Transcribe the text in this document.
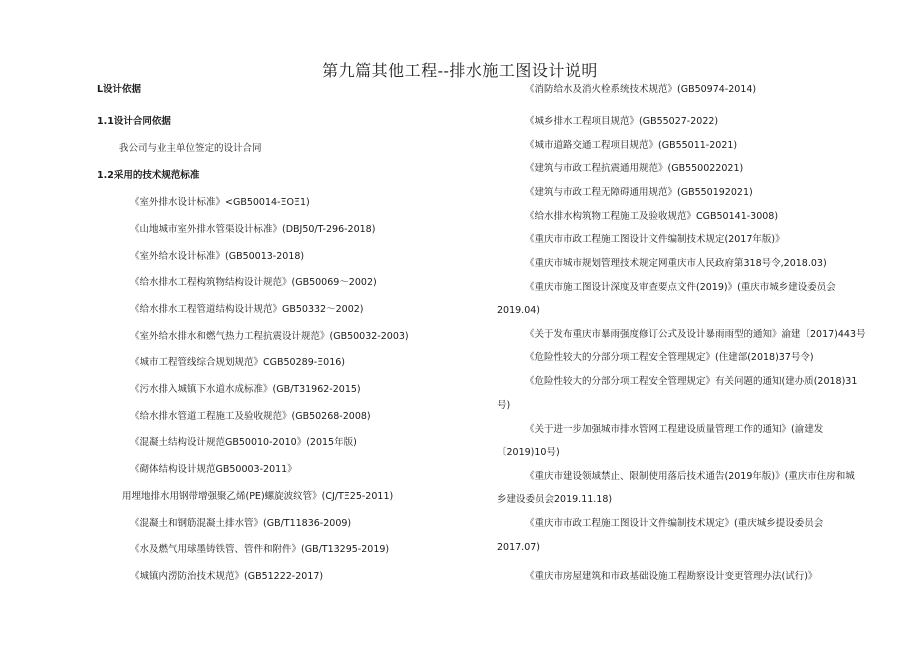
第九篇其他工程--排水施工图设计说明
L设计依据
1.1设计合同依据
我公司与业主单位签定的设计合同
1.2采用的技术规范标准
《室外排水设计标准》<GB50014-ΞOΞ1)
《山地城市室外排水管渠设计标准》(DBJ50/T-296-2018)
《室外给水设计标准》(GB50013-2018)
《给水排水工程构筑物结构设计规范》(GB50069～2002)
《给水排水工程管道结构设计规范》GB50332～2002)
《室外给水排水和燃气热力工程抗震设计规范》(GB50032-2003)
《城市工程管线综合规划规范》CGB50289-Ξ016)
《污水排入城镇下水道水成标准》(GB/T31962-2015)
《给水排水管道工程施工及验收规范》(GB50268-2008)
《混凝土结构设计规范GB50010-2010》(2015年版)
《砌体结构设计规范GB50003-2011》
用埋地排水用钢带增强聚乙烯(PE)螺旋波纹管》(CJ/TΞ25-2011)
《混凝土和钢筋混凝土排水管》(GB/T11836-2009)
《水及燃气用球墨铸铁管、管件和附件》(GB/T13295-2019)
《城镇内涝防治技术规范》(GB51222-2017)
《消防给水及消火栓系统技术规范》(GB50974-2014)
《城乡排水工程项目规范》(GB55027-2022)
《城市道路交通工程项目规范》(GB55011-2021)
《建筑与市政工程抗震通用规范》(GB550022021)
《建筑与市政工程无障碍通用规范》(GB550192021)
《给水排水构筑物工程施工及验收规范》CGB50141-3008)
《重庆市市政工程施工图设计文件编制技术规定(2017年版)》
《重庆市城市规划管理技术规定网重庆市人民政府第318号令,2018.03)
《重庆市施工图设计深度及审查要点文件(2019)》(重庆市城乡建设委员会
2019.04)
《关于发布重庆市暴雨强度修订公式及设计暴雨雨型的通知》渝建〔2017)443号
《危险性较大的分部分项工程安全管理规定》(住建部(2018)37号令)
《危险性较大的分部分项工程安全管理规定》有关问题的通知(建办质(2018)31
号)
《关于进一步加强城市排水管网工程建设质量管理工作的通知》(渝建发
〔2019)10号)
《重庆市建设领域禁止、限制使用落后技术通告(2019年版)》(重庆市住房和城
乡建设委员会2019.11.18)
《重庆市市政工程施工图设计文件编制技术规定》(重庆城乡提设委员会
2017.07)
《重庆市房屋建筑和市政基础设施工程勘察设计变更管理办法(试行)》
